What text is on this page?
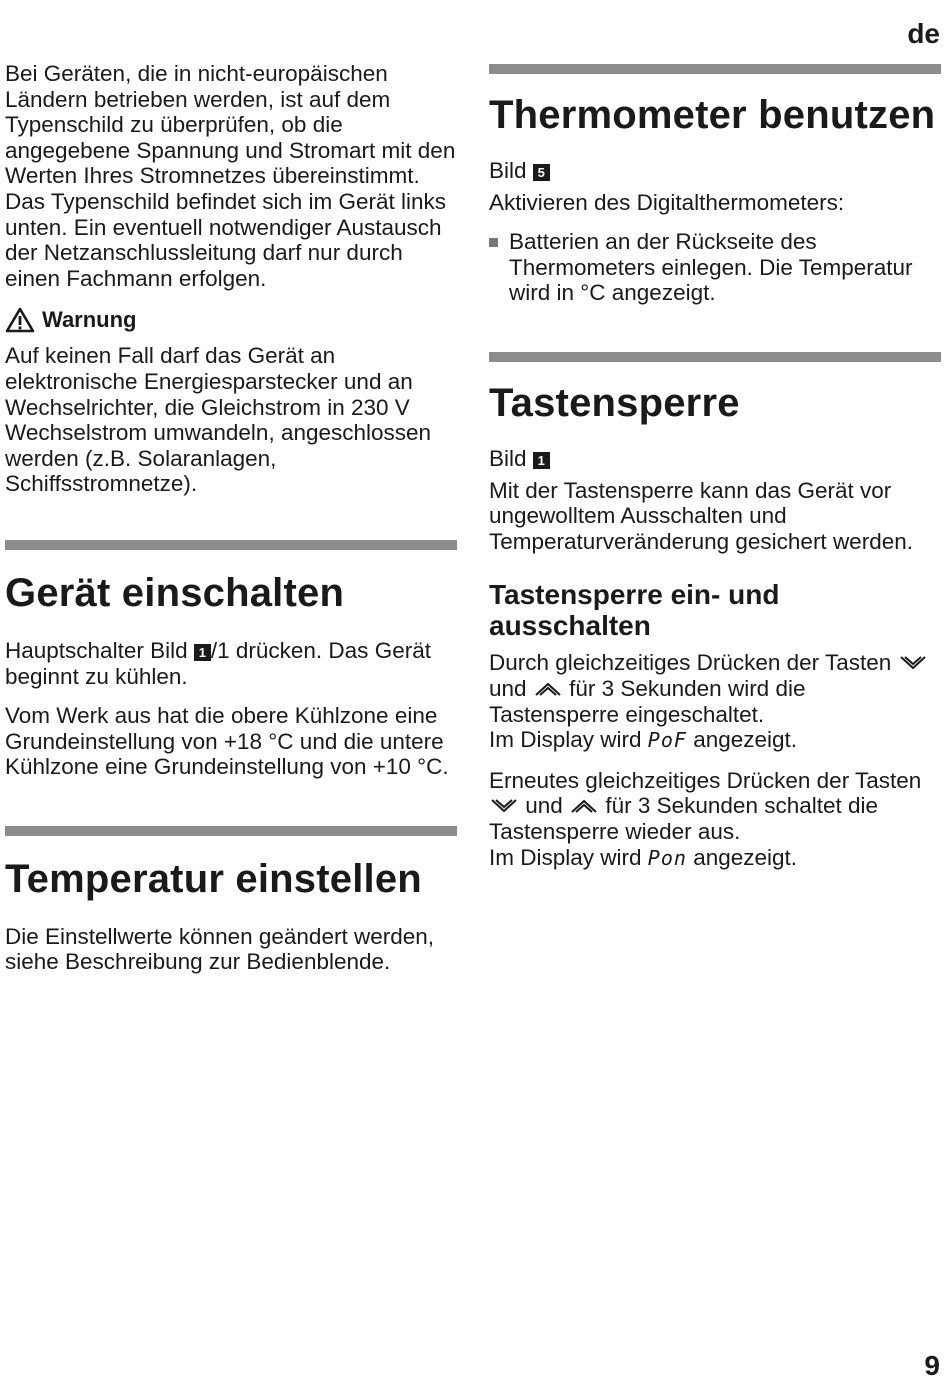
de

Bei Geräten, die in nicht-europäischen Ländern betrieben werden, ist auf dem Typenschild zu überprüfen, ob die angegebene Spannung und Stromart mit den Werten Ihres Stromnetzes übereinstimmt. Das Typenschild befindet sich im Gerät links unten. Ein eventuell notwendiger Austausch der Netzanschlussleitung darf nur durch einen Fachmann erfolgen.

Warnung

Auf keinen Fall darf das Gerät an elektronische Energiesparstecker und an Wechselrichter, die Gleichstrom in 230 V Wechselstrom umwandeln, angeschlossen werden (z.B. Solaranlagen, Schiffsstromnetze).

Gerät einschalten

Hauptschalter Bild 1 /1 drücken. Das Gerät beginnt zu kühlen.

Vom Werk aus hat die obere Kühlzone eine Grundeinstellung von +18 °C und die untere Kühlzone eine Grundeinstellung von +10 °C.

Temperatur einstellen

Die Einstellwerte können geändert werden, siehe Beschreibung zur Bedienblende.

Thermometer benutzen

Bild 5

Aktivieren des Digitalthermometers:

Batterien an der Rückseite des Thermometers einlegen. Die Temperatur wird in °C angezeigt.

Tastensperre

Bild 1

Mit der Tastensperre kann das Gerät vor ungewolltem Ausschalten und Temperaturveränderung gesichert werden.

Tastensperre ein- und ausschalten

Durch gleichzeitiges Drücken der Tasten  und für 3 Sekunden wird die Tastensperre eingeschaltet.
Im Display wird PoF angezeigt.

Erneutes gleichzeitiges Drücken der Tasten  und für 3 Sekunden schaltet die Tastensperre wieder aus.
Im Display wird Pon angezeigt.

9
